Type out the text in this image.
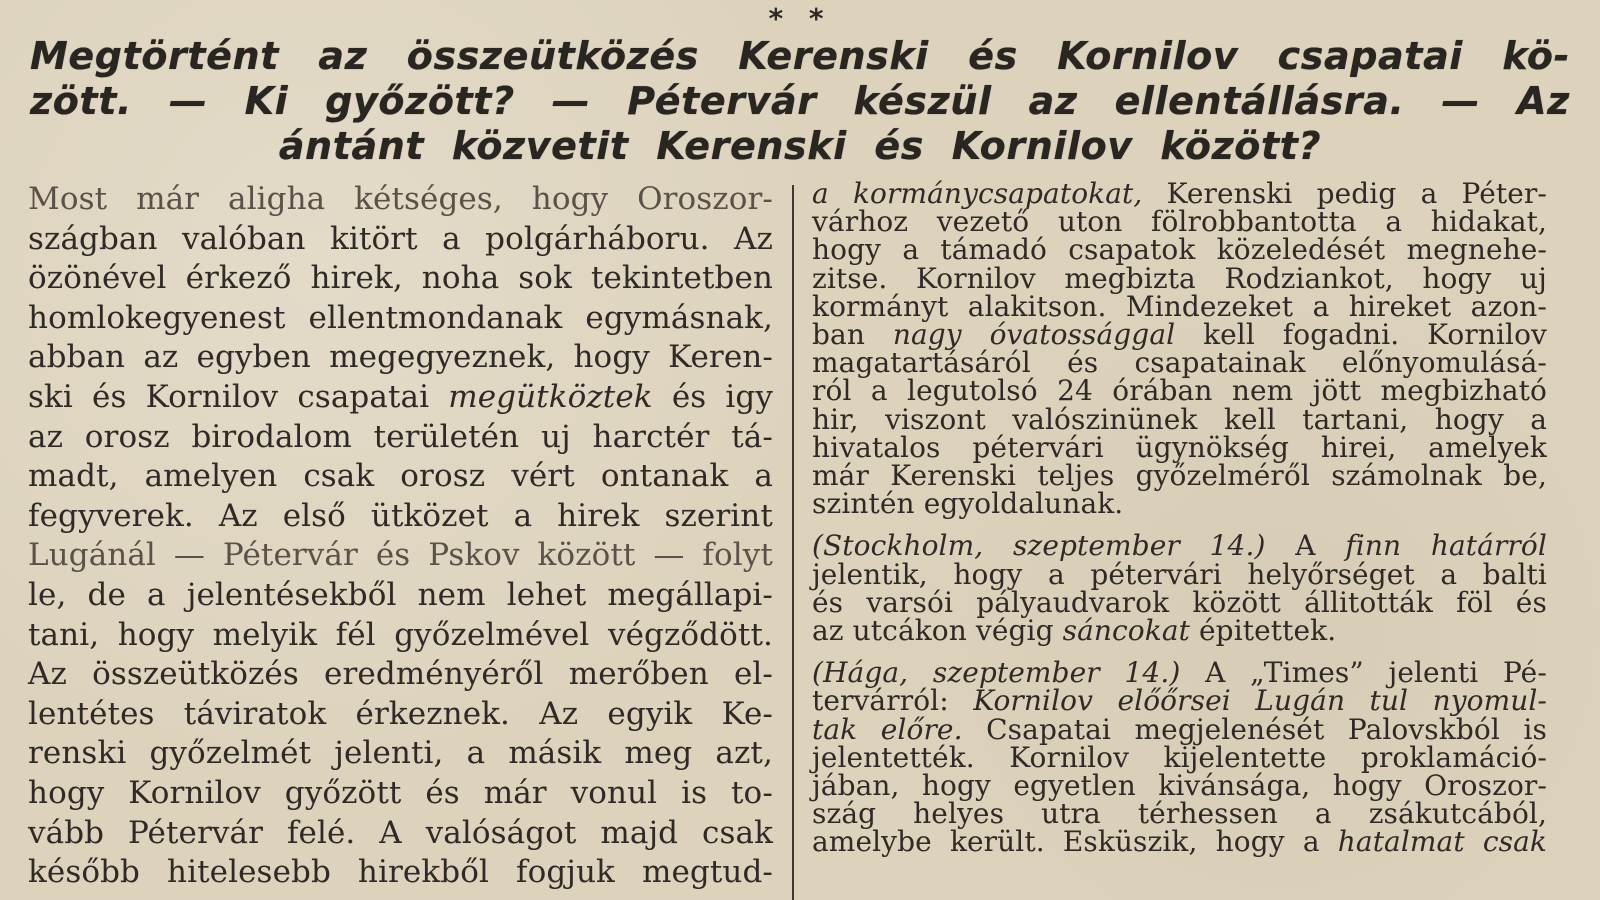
* *
Megtörtént az összeütközés Kerenski és Kornilov csapatai kö-
zött. — Ki győzött? — Pétervár készül az ellentállásra. — Az
ántánt
közvetit
Kerenski
és
Kornilov
között?
Most már aligha kétséges, hogy Oroszor-
szágban valóban kitört a polgárháboru. Az
özönével érkező hirek, noha sok tekintetben
homlokegyenest ellentmondanak egymásnak,
abban az egyben megegyeznek, hogy Keren-
ski és Kornilov csapatai megütköztek és igy
az orosz birodalom területén uj harctér tá-
madt, amelyen csak orosz vért ontanak a
fegyverek. Az első ütközet a hirek szerint
Lugánál — Pétervár és Pskov között — folyt
le, de a jelentésekből nem lehet megállapi-
tani, hogy melyik fél győzelmével végződött.
Az összeütközés eredményéről merőben el-
lentétes táviratok érkeznek. Az egyik Ke-
renski győzelmét jelenti, a másik meg azt,
hogy Kornilov győzött és már vonul is to-
vább Pétervár felé. A valóságot majd csak
később hitelesebb hirekből fogjuk megtud-
a kormánycsapatokat, Kerenski pedig a Péter-
várhoz vezető uton fölrobbantotta a hidakat,
hogy a támadó csapatok közeledését megnehe-
zitse. Kornilov megbizta Rodziankot, hogy uj
kormányt alakitson. Mindezeket a hireket azon-
ban nagy óvatossággal kell fogadni. Kornilov
magatartásáról és csapatainak előnyomulásá-
ról a legutolsó 24 órában nem jött megbizható
hir, viszont valószinünek kell tartani, hogy a
hivatalos pétervári ügynökség hirei, amelyek
már Kerenski teljes győzelméről számolnak be,
szintén
egyoldalunak.
(Stockholm, szeptember 14.) A finn határról
jelentik, hogy a pétervári helyőrséget a balti
és varsói pályaudvarok között állitották föl és
az
utcákon
végig
sáncokat
épitettek.
(Hága, szeptember 14.) A „Times” jelenti Pé-
tervárról: Kornilov előőrsei Lugán tul nyomul-
tak előre. Csapatai megjelenését Palovskból is
jelentették. Kornilov kijelentette proklamáció-
jában, hogy egyetlen kivánsága, hogy Oroszor-
szág helyes utra térhessen a zsákutcából,
amelybe került. Esküszik, hogy a hatalmat csak
